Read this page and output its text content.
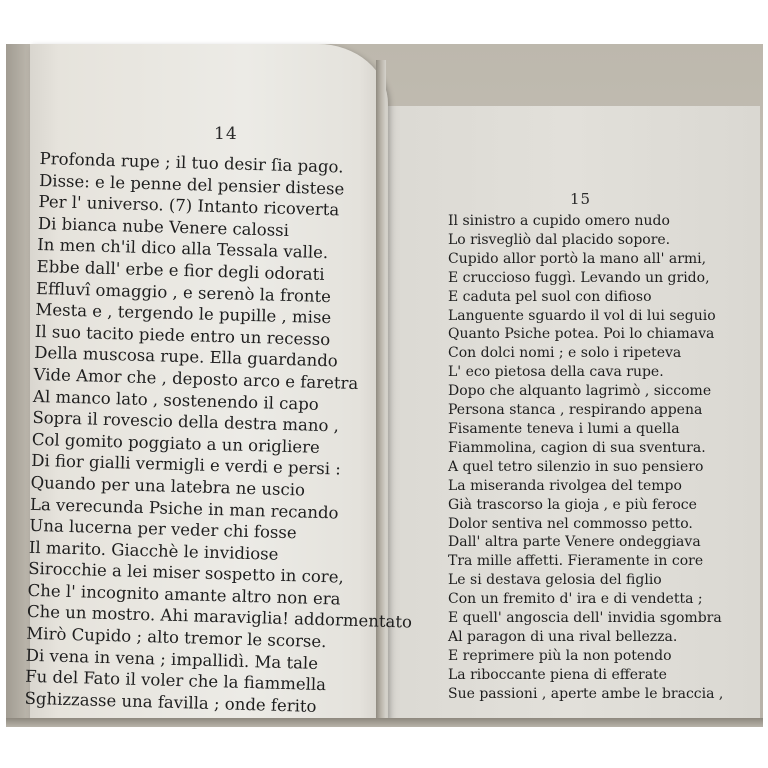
14
15
Profonda rupe ; il tuo desir ſia pago.
Disse: e le penne del pensier distese
Per l' universo. (7) Intanto ricoverta
Di bianca nube Venere calossi
In men ch'il dico alla Tessala valle.
Ebbe dall' erbe e fior degli odorati
Effluvî omaggio , e serenò la fronte
Mesta e , tergendo le pupille , mise
Il suo tacito piede entro un recesso
Della muscosa rupe. Ella guardando
Vide Amor che , deposto arco e faretra
Al manco lato , sostenendo il capo
Sopra il rovescio della destra mano ,
Col gomito poggiato a un origliere
Di fior gialli vermigli e verdi e persi :
Quando per una latebra ne uscio
La verecunda Psiche in man recando
Una lucerna per veder chi fosse
Il marito. Giacchè le invidiose
Sirocchie a lei miser sospetto in core,
Che l' incognito amante altro non era
Che un mostro. Ahi maraviglia! addormentato
Mirò Cupido ; alto tremor le scorse.
Di vena in vena ; impallidì. Ma tale
Fu del Fato il voler che la fiammella
Sghizzasse una favilla ; onde ferito
Il sinistro a cupido omero nudo
Lo risvegliò dal placido sopore.
Cupido allor portò la mano all' armi,
E cruccioso fuggì. Levando un grido,
E caduta pel suol con difioso
Languente sguardo il vol di lui seguio
Quanto Psiche potea. Poi lo chiamava
Con dolci nomi ; e solo i ripeteva
L' eco pietosa della cava rupe.
Dopo che alquanto lagrimò , siccome
Persona stanca , respirando appena
Fisamente teneva i lumi a quella
Fiammolina, cagion di sua sventura.
A quel tetro silenzio in suo pensiero
La miseranda rivolgea del tempo
Già trascorso la gioja , e più feroce
Dolor sentiva nel commosso petto.
Dall' altra parte Venere ondeggiava
Tra mille affetti. Fieramente in core
Le si destava gelosia del figlio
Con un fremito d' ira e di vendetta ;
E quell' angoscia dell' invidia sgombra
Al paragon di una rival bellezza.
E reprimere più la non potendo
La riboccante piena di efferate
Sue passioni , aperte ambe le braccia ,
